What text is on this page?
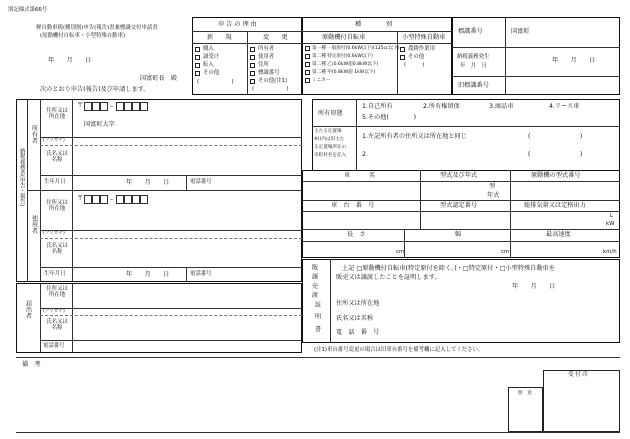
別記様式第66号
軽自動車税(種別割)申告(報告)書兼標識交付申請書
(原動機付自転車・小型特殊自動車)
年　　月　　日
国富町長　殿
次のとおり申告(報告)及び申請します。
申 告 の 理 由
新　　規	変　　更
購入
譲受け
転入
その他
(　　　　　　)
所有者
使用者
住所
標識番号
その他(注1)
(　　　　　　)
種　　　　別
原動機付自転車	小型特殊自動車
第一種 一般原付(0.6kW以下)(125cc以下)
第二種 特定原付(0.6kW以下)
第二種 乙(0.6kW超0.8kW以下)
第二種 甲(0.8kW超 1kW以下)
ミニカー
農耕作業用
その他
(　　　)
標識番号	国富町
納税義務発生
年　月　日
年　　月　　日
旧標識番号
納税義務者(申告・報告)
所有者
使用者
住所又は所在地
〒	–
国富町大字
(フリガナ)
氏名又は名称
生年月日	年　　月　　日	電話番号
住所又は所在地
〒	–
(フリガナ)
氏名又は名称
生年月日	年　　月　　日	電話番号
届出者
住所又は所在地
(フリガナ)
氏名又は名称
電話番号
所有形態
1.自己所有	2.所有権留保	3.商品車	4.リース車
5.その他(　　　　)
主たる定置場
※()内は旧主た
る定置場所在の
市町村名を記入
1.左記所有者の住所又は所在地と同じ	(　　　　　　　　)
2.	(　　　　　　　　)
車　　　名	型式及び年式	原動機の型式番号
型
年式
車　台　番　号	型式認定番号	総排気量又は定格出力
L
kW
長　さ	幅	最高速度
cm	cm	km/h
販譲売渡
証明書
上記 □原動機付自転車(特定原付を除く。)・□特定原付・□小型特殊自動車を
販売又は譲渡したことを証明します。
年　　月　　日
住所又は所在地
氏名又は名称
電　話　番　号
(注1)車台番号変更の場合は旧車台番号を備考欄に記入してください。
備　考
受 付 印
照　査
